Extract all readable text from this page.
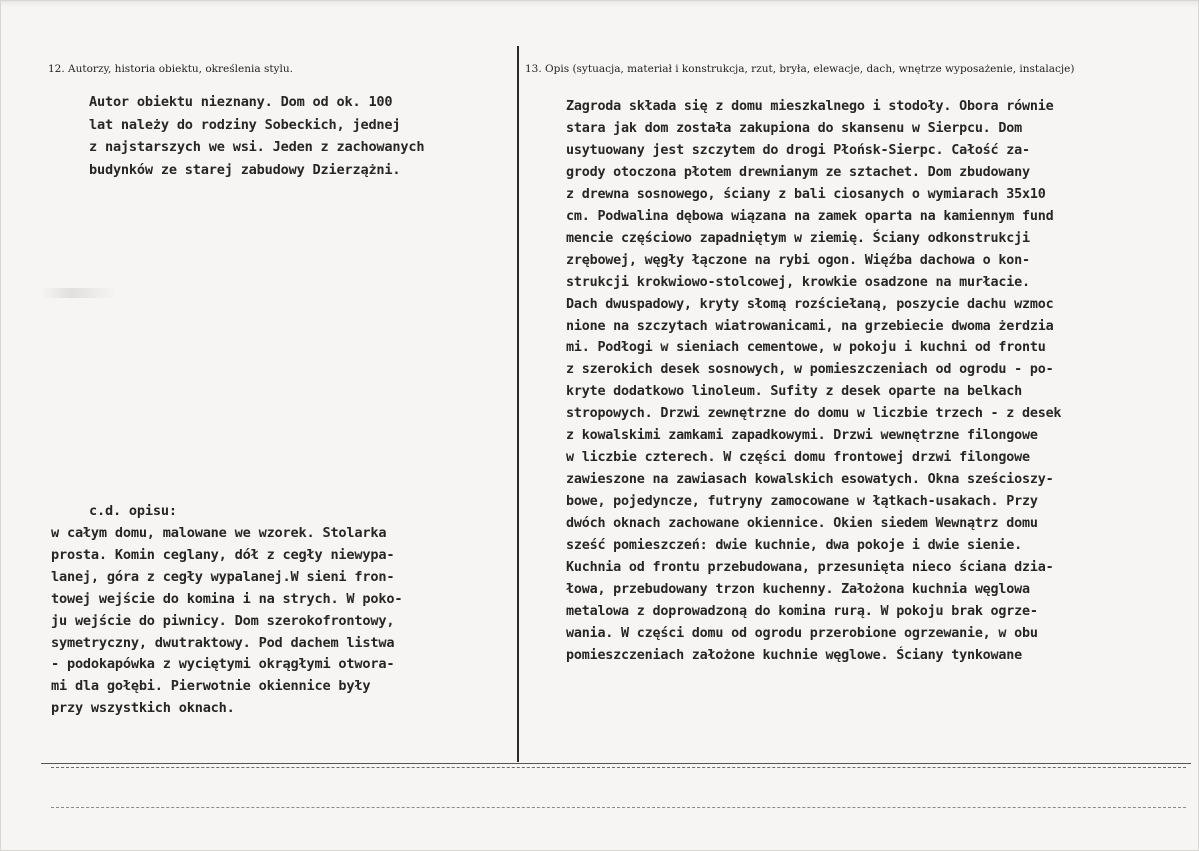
12. Autorzy, historia obiektu, określenia stylu.	13. Opis (sytuacja, materiał i konstrukcja, rzut, bryła, elewacje, dach, wnętrze wyposażenie, instalacje)
Autor obiektu nieznany. Dom od ok. 100
lat należy do rodziny Sobeckich, jednej
z najstarszych we wsi. Jeden z zachowanych
budynków ze starej zabudowy Dzierzążni.
c.d. opisu:
w całym domu, malowane we wzorek. Stolarka
prosta. Komin ceglany, dół z cegły niewypa-
lanej, góra z cegły wypalanej.W sieni fron-
towej wejście do komina i na strych. W poko-
ju wejście do piwnicy. Dom szerokofrontowy,
symetryczny, dwutraktowy. Pod dachem listwa
- podokapówka z wyciętymi okrągłymi otwora-
mi dla gołębi. Pierwotnie okiennice były
przy wszystkich oknach.
Zagroda składa się z domu mieszkalnego i stodoły. Obora równie
stara jak dom została zakupiona do skansenu w Sierpcu. Dom
usytuowany jest szczytem do drogi Płońsk-Sierpc. Całość za-
grody otoczona płotem drewnianym ze sztachet. Dom zbudowany
z drewna sosnowego, ściany z bali ciosanych o wymiarach 35x10
cm. Podwalina dębowa wiązana na zamek oparta na kamiennym fund
mencie częściowo zapadniętym w ziemię. Ściany odkonstrukcji
zrębowej, węgły łączone na rybi ogon. Więźba dachowa o kon-
strukcji krokwiowo-stolcowej, krowkie osadzone na murłacie.
Dach dwuspadowy, kryty słomą rozściełaną, poszycie dachu wzmoc
nione na szczytach wiatrowanicami, na grzebiecie dwoma żerdzia
mi. Podłogi w sieniach cementowe, w pokoju i kuchni od frontu
z szerokich desek sosnowych, w pomieszczeniach od ogrodu - po-
kryte dodatkowo linoleum. Sufity z desek oparte na belkach
stropowych. Drzwi zewnętrzne do domu w liczbie trzech - z desek
z kowalskimi zamkami zapadkowymi. Drzwi wewnętrzne filongowe
w liczbie czterech. W części domu frontowej drzwi filongowe
zawieszone na zawiasach kowalskich esowatych. Okna sześcioszy-
bowe, pojedyncze, futryny zamocowane w łątkach-usakach. Przy
dwóch oknach zachowane okiennice. Okien siedem Wewnątrz domu
sześć pomieszczeń: dwie kuchnie, dwa pokoje i dwie sienie.
Kuchnia od frontu przebudowana, przesunięta nieco ściana dzia-
łowa, przebudowany trzon kuchenny. Założona kuchnia węglowa
metalowa z doprowadzoną do komina rurą. W pokoju brak ogrze-
wania. W części domu od ogrodu przerobione ogrzewanie, w obu
pomieszczeniach założone kuchnie węglowe. Ściany tynkowane
